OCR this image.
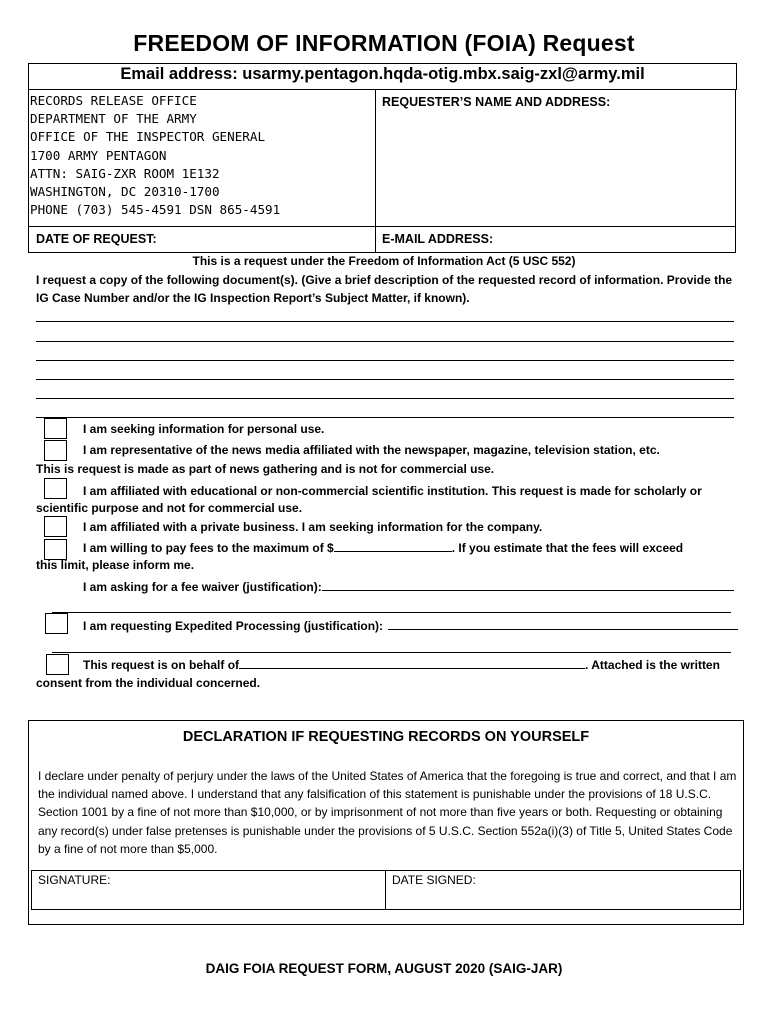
FREEDOM OF INFORMATION (FOIA) Request
Email address: usarmy.pentagon.hqda-otig.mbx.saig-zxl@army.mil
RECORDS RELEASE OFFICE
DEPARTMENT OF THE ARMY
OFFICE OF THE INSPECTOR GENERAL
1700 ARMY PENTAGON
ATTN: SAIG-ZXR ROOM 1E132
WASHINGTON, DC 20310-1700
PHONE (703) 545-4591 DSN 865-4591
REQUESTER’S NAME AND ADDRESS:
DATE OF REQUEST:	E-MAIL ADDRESS:
This is a request under the Freedom of Information Act (5 USC 552)
I request a copy of the following document(s). (Give a brief description of the requested record of information. Provide the IG Case Number and/or the IG Inspection Report’s Subject Matter, if known).
I am seeking information for personal use.
I am representative of the news media affiliated with the newspaper, magazine, television station, etc.
This is request is made as part of news gathering and is not for commercial use.
I am affiliated with educational or non-commercial scientific institution. This request is made for scholarly or
scientific purpose and not for commercial use.
I am affiliated with a private business. I am seeking information for the company.
I am willing to pay fees to the maximum of $	. If you estimate that the fees will exceed
this limit, please inform me.
I am asking for a fee waiver (justification):
I am requesting Expedited Processing (justification):
This request is on behalf of	. Attached is the written
consent from the individual concerned.
DECLARATION IF REQUESTING RECORDS ON YOURSELF
I declare under penalty of perjury under the laws of the United States of America that the foregoing is true and correct, and that I am the individual named above. I understand that any falsification of this statement is punishable under the provisions of 18 U.S.C. Section 1001 by a fine of not more than $10,000, or by imprisonment of not more than five years or both. Requesting or obtaining any record(s) under false pretenses is punishable under the provisions of 5 U.S.C. Section 552a(i)(3) of Title 5, United States Code by a fine of not more than $5,000.
SIGNATURE:	DATE SIGNED:
DAIG FOIA REQUEST FORM, AUGUST 2020 (SAIG-JAR)
